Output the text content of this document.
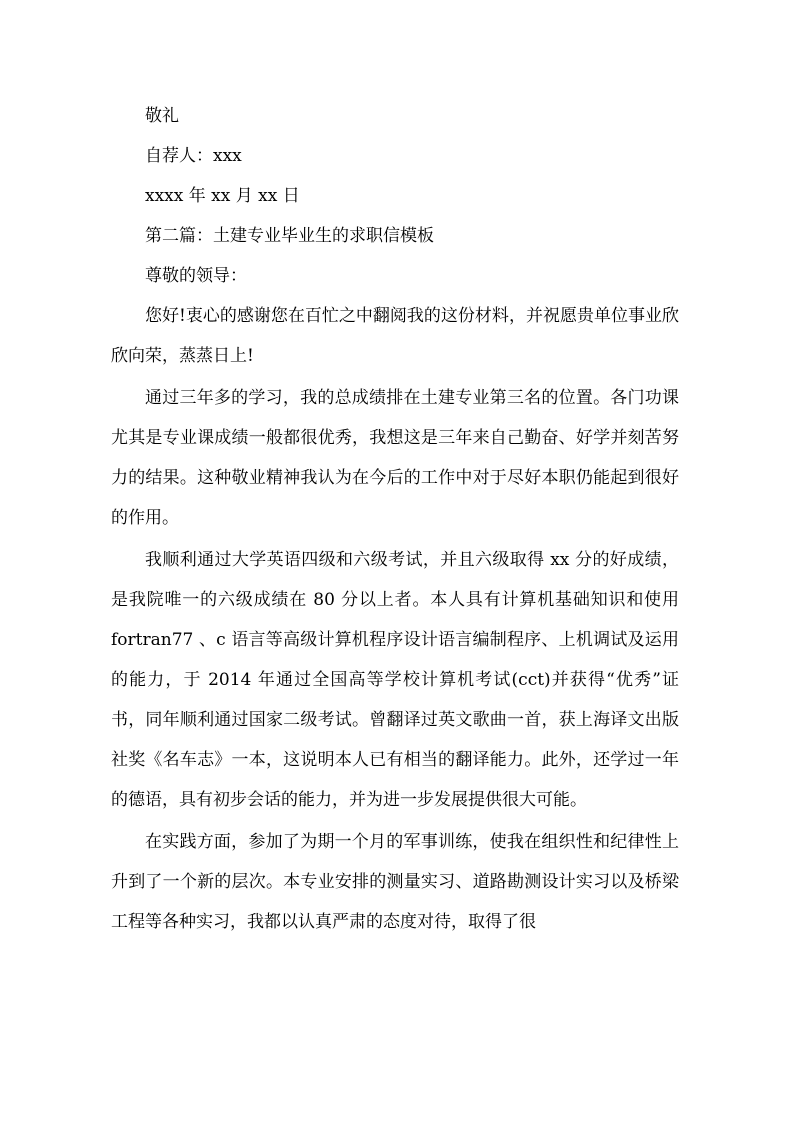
敬礼

自荐人：xxx

xxxx 年 xx 月 xx 日

第二篇：土建专业毕业生的求职信模板

尊敬的领导：

您好!衷心的感谢您在百忙之中翻阅我的这份材料，并祝愿贵单位事业欣欣向荣，蒸蒸日上!

通过三年多的学习，我的总成绩排在土建专业第三名的位置。各门功课尤其是专业课成绩一般都很优秀，我想这是三年来自己勤奋、好学并刻苦努力的结果。这种敬业精神我认为在今后的工作中对于尽好本职仍能起到很好的作用。

我顺利通过大学英语四级和六级考试，并且六级取得 xx 分的好成绩，是我院唯一的六级成绩在 80 分以上者。本人具有计算机基础知识和使用 fortran77 、c 语言等高级计算机程序设计语言编制程序、上机调试及运用的能力，于 2014 年通过全国高等学校计算机考试(cct)并获得“优秀”证书，同年顺利通过国家二级考试。曾翻译过英文歌曲一首，获上海译文出版社奖《名车志》一本，这说明本人已有相当的翻译能力。此外，还学过一年的德语，具有初步会话的能力，并为进一步发展提供很大可能。

在实践方面，参加了为期一个月的军事训练，使我在组织性和纪律性上升到了一个新的层次。本专业安排的测量实习、道路勘测设计实习以及桥梁工程等各种实习，我都以认真严肃的态度对待，取得了很
